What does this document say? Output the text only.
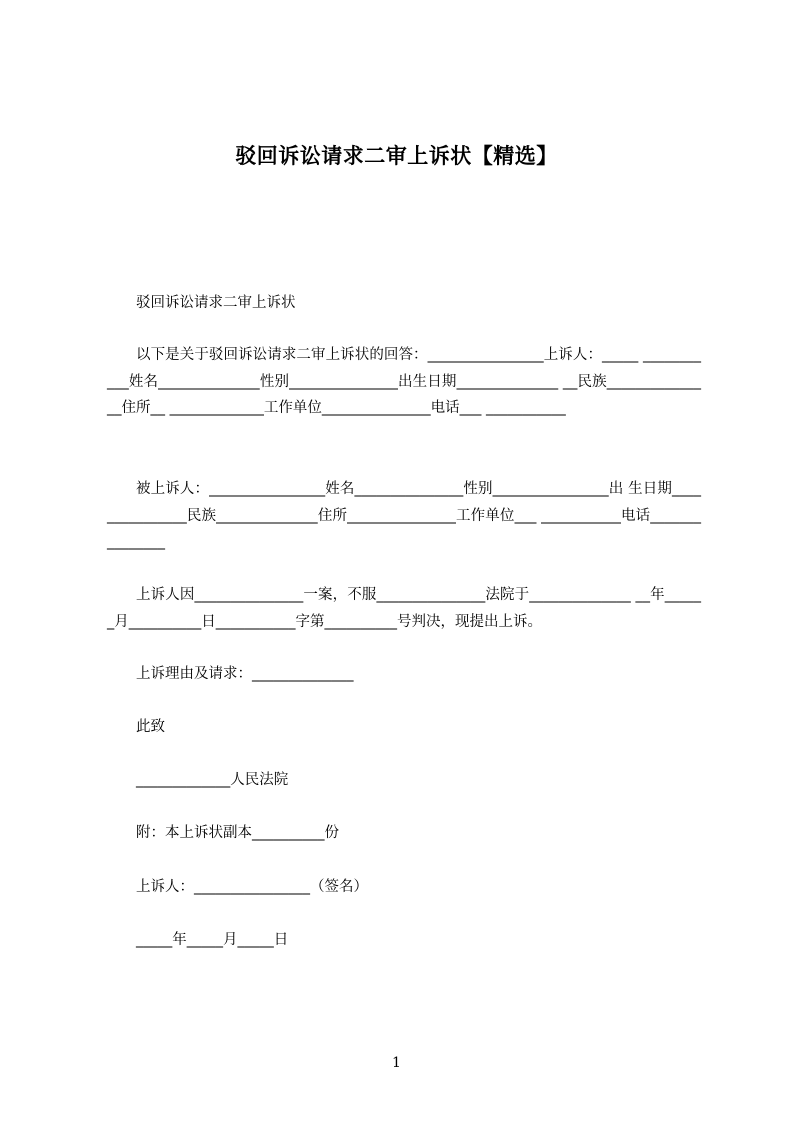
驳回诉讼请求二审上诉状【精选】
驳回诉讼请求二审上诉状
以下是关于驳回诉讼请求二审上诉状的回答：________________上诉人：_____ ___________姓名______________性别_______________出生日期______________ __民族_______________住所__ _____________工作单位_______________电话___ ___________
被上诉人：________________姓名_______________性别________________出 生日期_______________民族______________住所_______________工作单位___ ___________电话_______________
上诉人因_______________一案，不服_______________法院于______________ __年______月__________日___________字第__________号判决，现提出上诉。
上诉理由及请求：______________
此致
_____________人民法院
附：本上诉状副本__________份
上诉人：________________（签名）
_____年_____月_____日
1
